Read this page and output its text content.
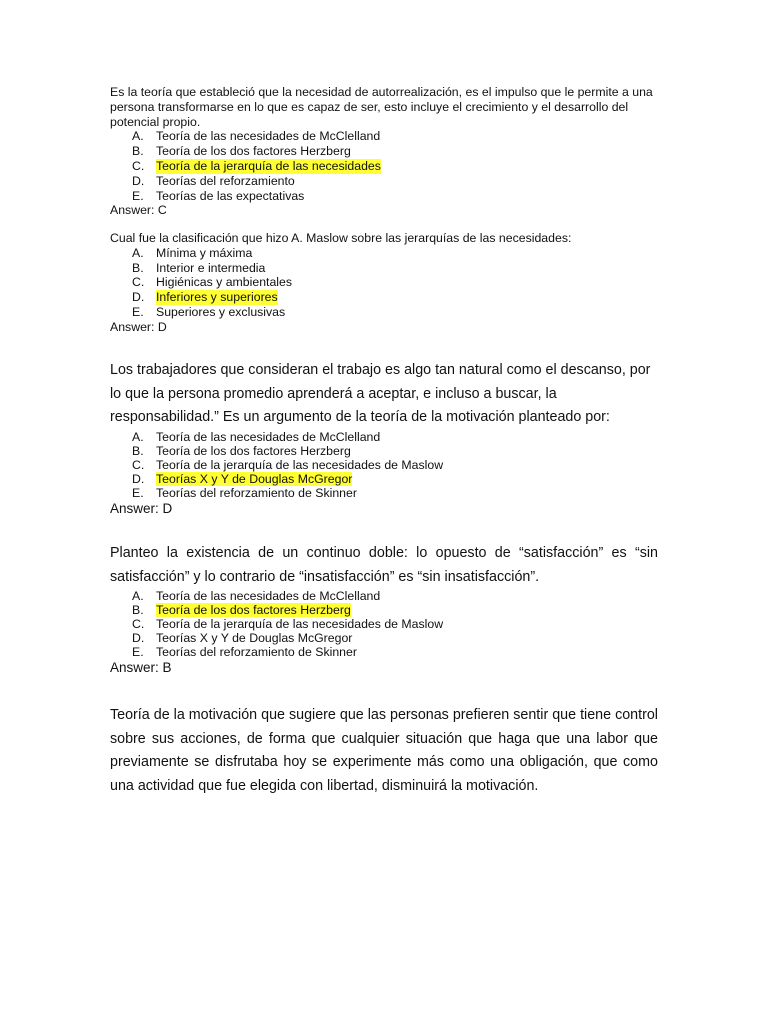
Es la teoría que estableció que la necesidad de autorrealización, es el impulso que le permite a una persona transformarse en lo que es capaz de ser, esto incluye el crecimiento y el desarrollo del potencial propio.

A.	Teoría de las necesidades de McClelland
B.	Teoría de los dos factores Herzberg
C. Teoría de la jerarquía de las necesidades
D. Teorías del reforzamiento
E.	Teorías de las expectativas

Answer: C

Cual fue la clasificación que hizo A. Maslow sobre las jerarquías de las necesidades:

A.	Mínima y máxima
B.	Interior e intermedia
C. Higiénicas y ambientales
D. Inferiores y superiores
E.	Superiores y exclusivas

Answer: D

Los trabajadores que consideran el trabajo es algo tan natural como el descanso, por lo que la persona promedio aprenderá a aceptar, e incluso a buscar, la responsabilidad.” Es un argumento de la teoría de la motivación planteado por:

A.	Teoría de las necesidades de McClelland
B.	Teoría de los dos factores Herzberg
C. Teoría de la jerarquía de las necesidades de Maslow
D. Teorías X y Y de Douglas McGregor
E.	Teorías del reforzamiento de Skinner

Answer: D

Planteo la existencia de un continuo doble: lo opuesto de “satisfacción” es “sin satisfacción” y lo contrario de “insatisfacción” es “sin insatisfacción”.

A.	Teoría de las necesidades de McClelland
B.	Teoría de los dos factores Herzberg
C. Teoría de la jerarquía de las necesidades de Maslow
D. Teorías X y Y de Douglas McGregor
E.	Teorías del reforzamiento de Skinner

Answer: B

Teoría de la motivación que sugiere que las personas prefieren sentir que tiene control sobre sus acciones, de forma que cualquier situación que haga que una labor que previamente se disfrutaba hoy se experimente más como una obligación, que como una actividad que fue elegida con libertad, disminuirá la motivación.
